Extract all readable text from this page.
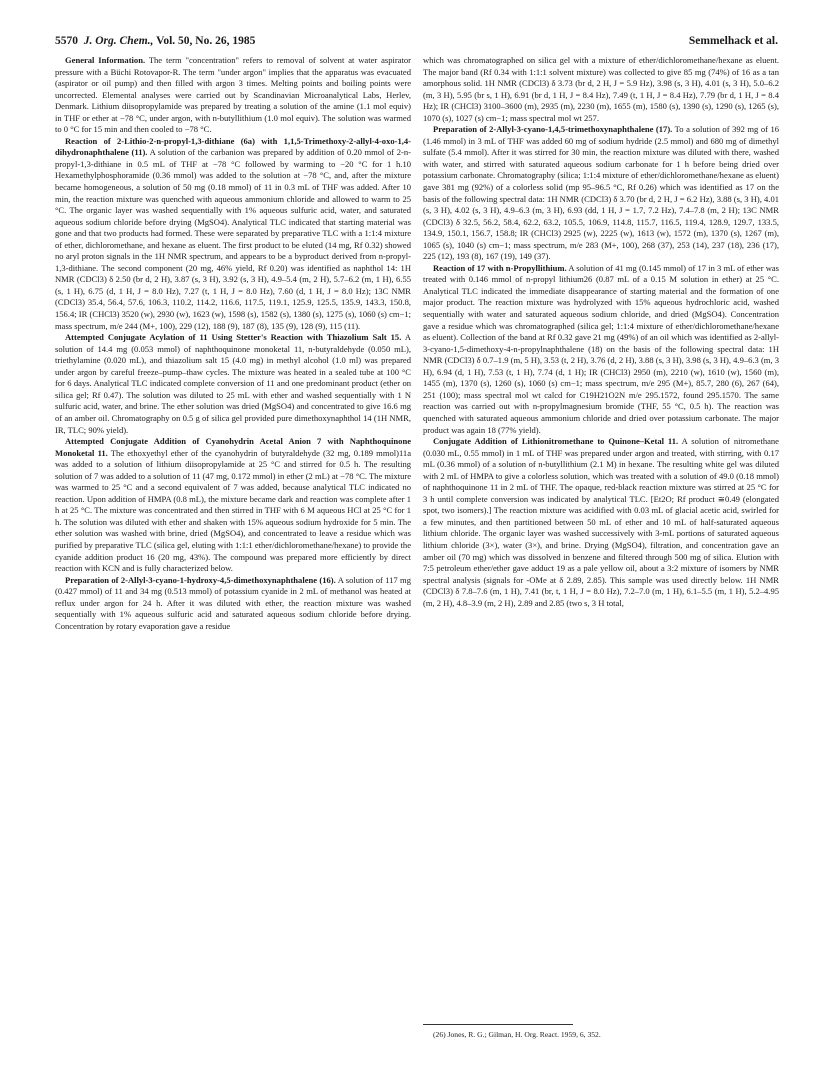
5570 J. Org. Chem., Vol. 50, No. 26, 1985	Semmelhack et al.

General Information. The term "concentration" refers to removal of solvent at water aspirator pressure with a Büchi Rotovapor-R. The term "under argon" implies that the apparatus was evacuated (aspirator or oil pump) and then filled with argon 3 times. Melting points and boiling points were uncorrected. Elemental analyses were carried out by Scandinavian Microanalytical Labs, Herlev, Denmark. Lithium diisopropylamide was prepared by treating a solution of the amine (1.1 mol equiv) in THF or ether at −78 °C, under argon, with n-butyllithium (1.0 mol equiv). The solution was warmed to 0 °C for 15 min and then cooled to −78 °C.

Reaction of 2-Lithio-2-n-propyl-1,3-dithiane (6a) with 1,1,5-Trimethoxy-2-allyl-4-oxo-1,4-dihydronaphthalene (11). A solution of the carbanion was prepared by addition of 0.20 mmol of 2-n-propyl-1,3-dithiane in 0.5 mL of THF at −78 °C followed by warming to −20 °C for 1 h.10 Hexamethylphosphoramide (0.36 mmol) was added to the solution at −78 °C, and, after the mixture became homogeneous, a solution of 50 mg (0.18 mmol) of 11 in 0.3 mL of THF was added. After 10 min, the reaction mixture was quenched with aqueous ammonium chloride and allowed to warm to 25 °C. The organic layer was washed sequentially with 1% aqueous sulfuric acid, water, and saturated aqueous sodium chloride before drying (MgSO4). Analytical TLC indicated that starting material was gone and that two products had formed. These were separated by preparative TLC with a 1:1:4 mixture of ether, dichloromethane, and hexane as eluent. The first product to be eluted (14 mg, Rf 0.32) showed no aryl proton signals in the 1H NMR spectrum, and appears to be a byproduct derived from n-propyl-1,3-dithiane. The second component (20 mg, 46% yield, Rf 0.20) was identified as naphthol 14: 1H NMR (CDCl3) δ 2.50 (br d, 2 H), 3.87 (s, 3 H), 3.92 (s, 3 H), 4.9–5.4 (m, 2 H), 5.7–6.2 (m, 1 H), 6.55 (s, 1 H), 6.75 (d, 1 H, J = 8.0 Hz), 7.27 (t, 1 H, J = 8.0 Hz), 7.60 (d, 1 H, J = 8.0 Hz); 13C NMR (CDCl3) 35.4, 56.4, 57.6, 106.3, 110.2, 114.2, 116.6, 117.5, 119.1, 125.9, 125.5, 135.9, 143.3, 150.8, 156.4; IR (CHCl3) 3520 (w), 2930 (w), 1623 (w), 1598 (s), 1582 (s), 1380 (s), 1275 (s), 1060 (s) cm−1; mass spectrum, m/e 244 (M+, 100), 229 (12), 188 (9), 187 (8), 135 (9), 128 (9), 115 (11).

Attempted Conjugate Acylation of 11 Using Stetter's Reaction with Thiazolium Salt 15. A solution of 14.4 mg (0.053 mmol) of naphthoquinone monoketal 11, n-butyraldehyde (0.050 mL), triethylamine (0.020 mL), and thiazolium salt 15 (4.0 mg) in methyl alcohol (1.0 ml) was prepared under argon by careful freeze–pump–thaw cycles. The mixture was heated in a sealed tube at 100 °C for 6 days. Analytical TLC indicated complete conversion of 11 and one predominant product (ether on silica gel; Rf 0.47). The solution was diluted to 25 mL with ether and washed sequentially with 1 N sulfuric acid, water, and brine. The ether solution was dried (MgSO4) and concentrated to give 16.6 mg of an amber oil. Chromatography on 0.5 g of silica gel provided pure dimethoxynaphthol 14 (1H NMR, IR, TLC; 90% yield).

Attempted Conjugate Addition of Cyanohydrin Acetal Anion 7 with Naphthoquinone Monoketal 11. The ethoxyethyl ether of the cyanohydrin of butyraldehyde (32 mg, 0.189 mmol)11a was added to a solution of lithium diisopropylamide at 25 °C and stirred for 0.5 h. The resulting solution of 7 was added to a solution of 11 (47 mg, 0.172 mmol) in ether (2 mL) at −78 °C. The mixture was warmed to 25 °C and a second equivalent of 7 was added, because analytical TLC indicated no reaction. Upon addition of HMPA (0.8 mL), the mixture became dark and reaction was complete after 1 h at 25 °C. The mixture was concentrated and then stirred in THF with 6 M aqueous HCl at 25 °C for 1 h. The solution was diluted with ether and shaken with 15% aqueous sodium hydroxide for 5 min. The ether solution was washed with brine, dried (MgSO4), and concentrated to leave a residue which was purified by preparative TLC (silica gel, eluting with 1:1:1 ether/dichloromethane/hexane) to provide the cyanide addition product 16 (20 mg, 43%). The compound was prepared more efficiently by direct reaction with KCN and is fully characterized below.

Preparation of 2-Allyl-3-cyano-1-hydroxy-4,5-dimethoxynaphthalene (16). A solution of 117 mg (0.427 mmol) of 11 and 34 mg (0.513 mmol) of potassium cyanide in 2 mL of methanol was heated at reflux under argon for 24 h. After it was diluted with ether, the reaction mixture was washed sequentially with 1% aqueous sulfuric acid and saturated aqueous sodium chloride before drying. Concentration by rotary evaporation gave a residue

which was chromatographed on silica gel with a mixture of ether/dichloromethane/hexane as eluent. The major band (Rf 0.34 with 1:1:1 solvent mixture) was collected to give 85 mg (74%) of 16 as a tan amorphous solid. 1H NMR (CDCl3) δ 3.73 (br d, 2 H, J = 5.9 Hz), 3.98 (s, 3 H), 4.01 (s, 3 H), 5.0–6.2 (m, 3 H), 5.95 (br s, 1 H), 6.91 (br d, 1 H, J = 8.4 Hz), 7.49 (t, 1 H, J = 8.4 Hz), 7.79 (br d, 1 H, J = 8.4 Hz); IR (CHCl3) 3100–3600 (m), 2935 (m), 2230 (m), 1655 (m), 1580 (s), 1390 (s), 1290 (s), 1265 (s), 1070 (s), 1027 (s) cm−1; mass spectral mol wt 257.

Preparation of 2-Allyl-3-cyano-1,4,5-trimethoxynaphthalene (17). To a solution of 392 mg of 16 (1.46 mmol) in 3 mL of THF was added 60 mg of sodium hydride (2.5 mmol) and 680 mg of dimethyl sulfate (5.4 mmol). After it was stirred for 30 min, the reaction mixture was diluted with there, washed with water, and stirred with saturated aqueous sodium carbonate for 1 h before being dried over potassium carbonate. Chromatography (silica; 1:1:4 mixture of ether/dichloromethane/hexane as eluent) gave 381 mg (92%) of a colorless solid (mp 95–96.5 °C, Rf 0.26) which was identified as 17 on the basis of the following spectral data: 1H NMR (CDCl3) δ 3.70 (br d, 2 H, J = 6.2 Hz), 3.88 (s, 3 H), 4.01 (s, 3 H), 4.02 (s, 3 H), 4.9–6.3 (m, 3 H), 6.93 (dd, 1 H, J = 1.7, 7.2 Hz), 7.4–7.8 (m, 2 H); 13C NMR (CDCl3) δ 32.5, 56.2, 58.4, 62.2, 63.2, 105.5, 106.9, 114.8, 115.7, 116.5, 119.4, 128.9, 129.7, 133.5, 134.9, 150.1, 156.7, 158.8; IR (CHCl3) 2925 (w), 2225 (w), 1613 (w), 1572 (m), 1370 (s), 1267 (m), 1065 (s), 1040 (s) cm−1; mass spectrum, m/e 283 (M+, 100), 268 (37), 253 (14), 237 (18), 236 (17), 225 (12), 193 (8), 167 (19), 149 (37).

Reaction of 17 with n-Propyllithium. A solution of 41 mg (0.145 mmol) of 17 in 3 mL of ether was treated with 0.146 mmol of n-propyl lithium26 (0.87 mL of a 0.15 M solution in ether) at 25 °C. Analytical TLC indicated the immediate disappearance of starting material and the formation of one major product. The reaction mixture was hydrolyzed with 15% aqueous hydrochloric acid, washed sequentially with water and saturated aqueous sodium chloride, and dried (MgSO4). Concentration gave a residue which was chromatographed (silica gel; 1:1:4 mixture of ether/dichloromethane/hexane as eluent). Collection of the band at Rf 0.32 gave 21 mg (49%) of an oil which was identified as 2-allyl-3-cyano-1,5-dimethoxy-4-n-propylnaphthalene (18) on the basis of the following spectral data: 1H NMR (CDCl3) δ 0.7–1.9 (m, 5 H), 3.53 (t, 2 H), 3.76 (d, 2 H), 3.88 (s, 3 H), 3.98 (s, 3 H), 4.9–6.3 (m, 3 H), 6.94 (d, 1 H), 7.53 (t, 1 H), 7.74 (d, 1 H); IR (CHCl3) 2950 (m), 2210 (w), 1610 (w), 1560 (m), 1455 (m), 1370 (s), 1260 (s), 1060 (s) cm−1; mass spectrum, m/e 295 (M+), 85.7, 280 (6), 267 (64), 251 (100); mass spectral mol wt calcd for C19H21O2N m/e 295.1572, found 295.1570. The same reaction was carried out with n-propylmagnesium bromide (THF, 55 °C, 0.5 h). The reaction was quenched with saturated aqueous ammonium chloride and dried over potassium carbonate. The major product was again 18 (77% yield).

Conjugate Addition of Lithionitromethane to Quinone–Ketal 11. A solution of nitromethane (0.030 mL, 0.55 mmol) in 1 mL of THF was prepared under argon and treated, with stirring, with 0.17 mL (0.36 mmol) of a solution of n-butyllithium (2.1 M) in hexane. The resulting white gel was diluted with 2 mL of HMPA to give a colorless solution, which was treated with a solution of 49.0 (0.18 mmol) of naphthoquinone 11 in 2 mL of THF. The opaque, red-black reaction mixture was stirred at 25 °C for 3 h until complete conversion was indicated by analytical TLC. [Et2O; Rf product ≅0.49 (elongated spot, two isomers).] The reaction mixture was acidified with 0.03 mL of glacial acetic acid, swirled for a few minutes, and then partitioned between 50 mL of ether and 10 mL of half-saturated aqueous lithium chloride. The organic layer was washed successively with 3-mL portions of saturated aqueous lithium chloride (3×), water (3×), and brine. Drying (MgSO4), filtration, and concentration gave an amber oil (70 mg) which was dissolved in benzene and filtered through 500 mg of silica. Elution with 7:5 petroleum ether/ether gave adduct 19 as a pale yellow oil, about a 3:2 mixture of isomers by NMR spectral analysis (signals for -OMe at δ 2.89, 2.85). This sample was used directly below. 1H NMR (CDCl3) δ 7.8–7.6 (m, 1 H), 7.41 (br, t, 1 H, J = 8.0 Hz), 7.2–7.0 (m, 1 H), 6.1–5.5 (m, 1 H), 5.2–4.95 (m, 2 H), 4.8–3.9 (m, 2 H), 2.89 and 2.85 (two s, 3 H total,

(26) Jones, R. G.; Gilman, H. Org. React. 1959, 6, 352.
